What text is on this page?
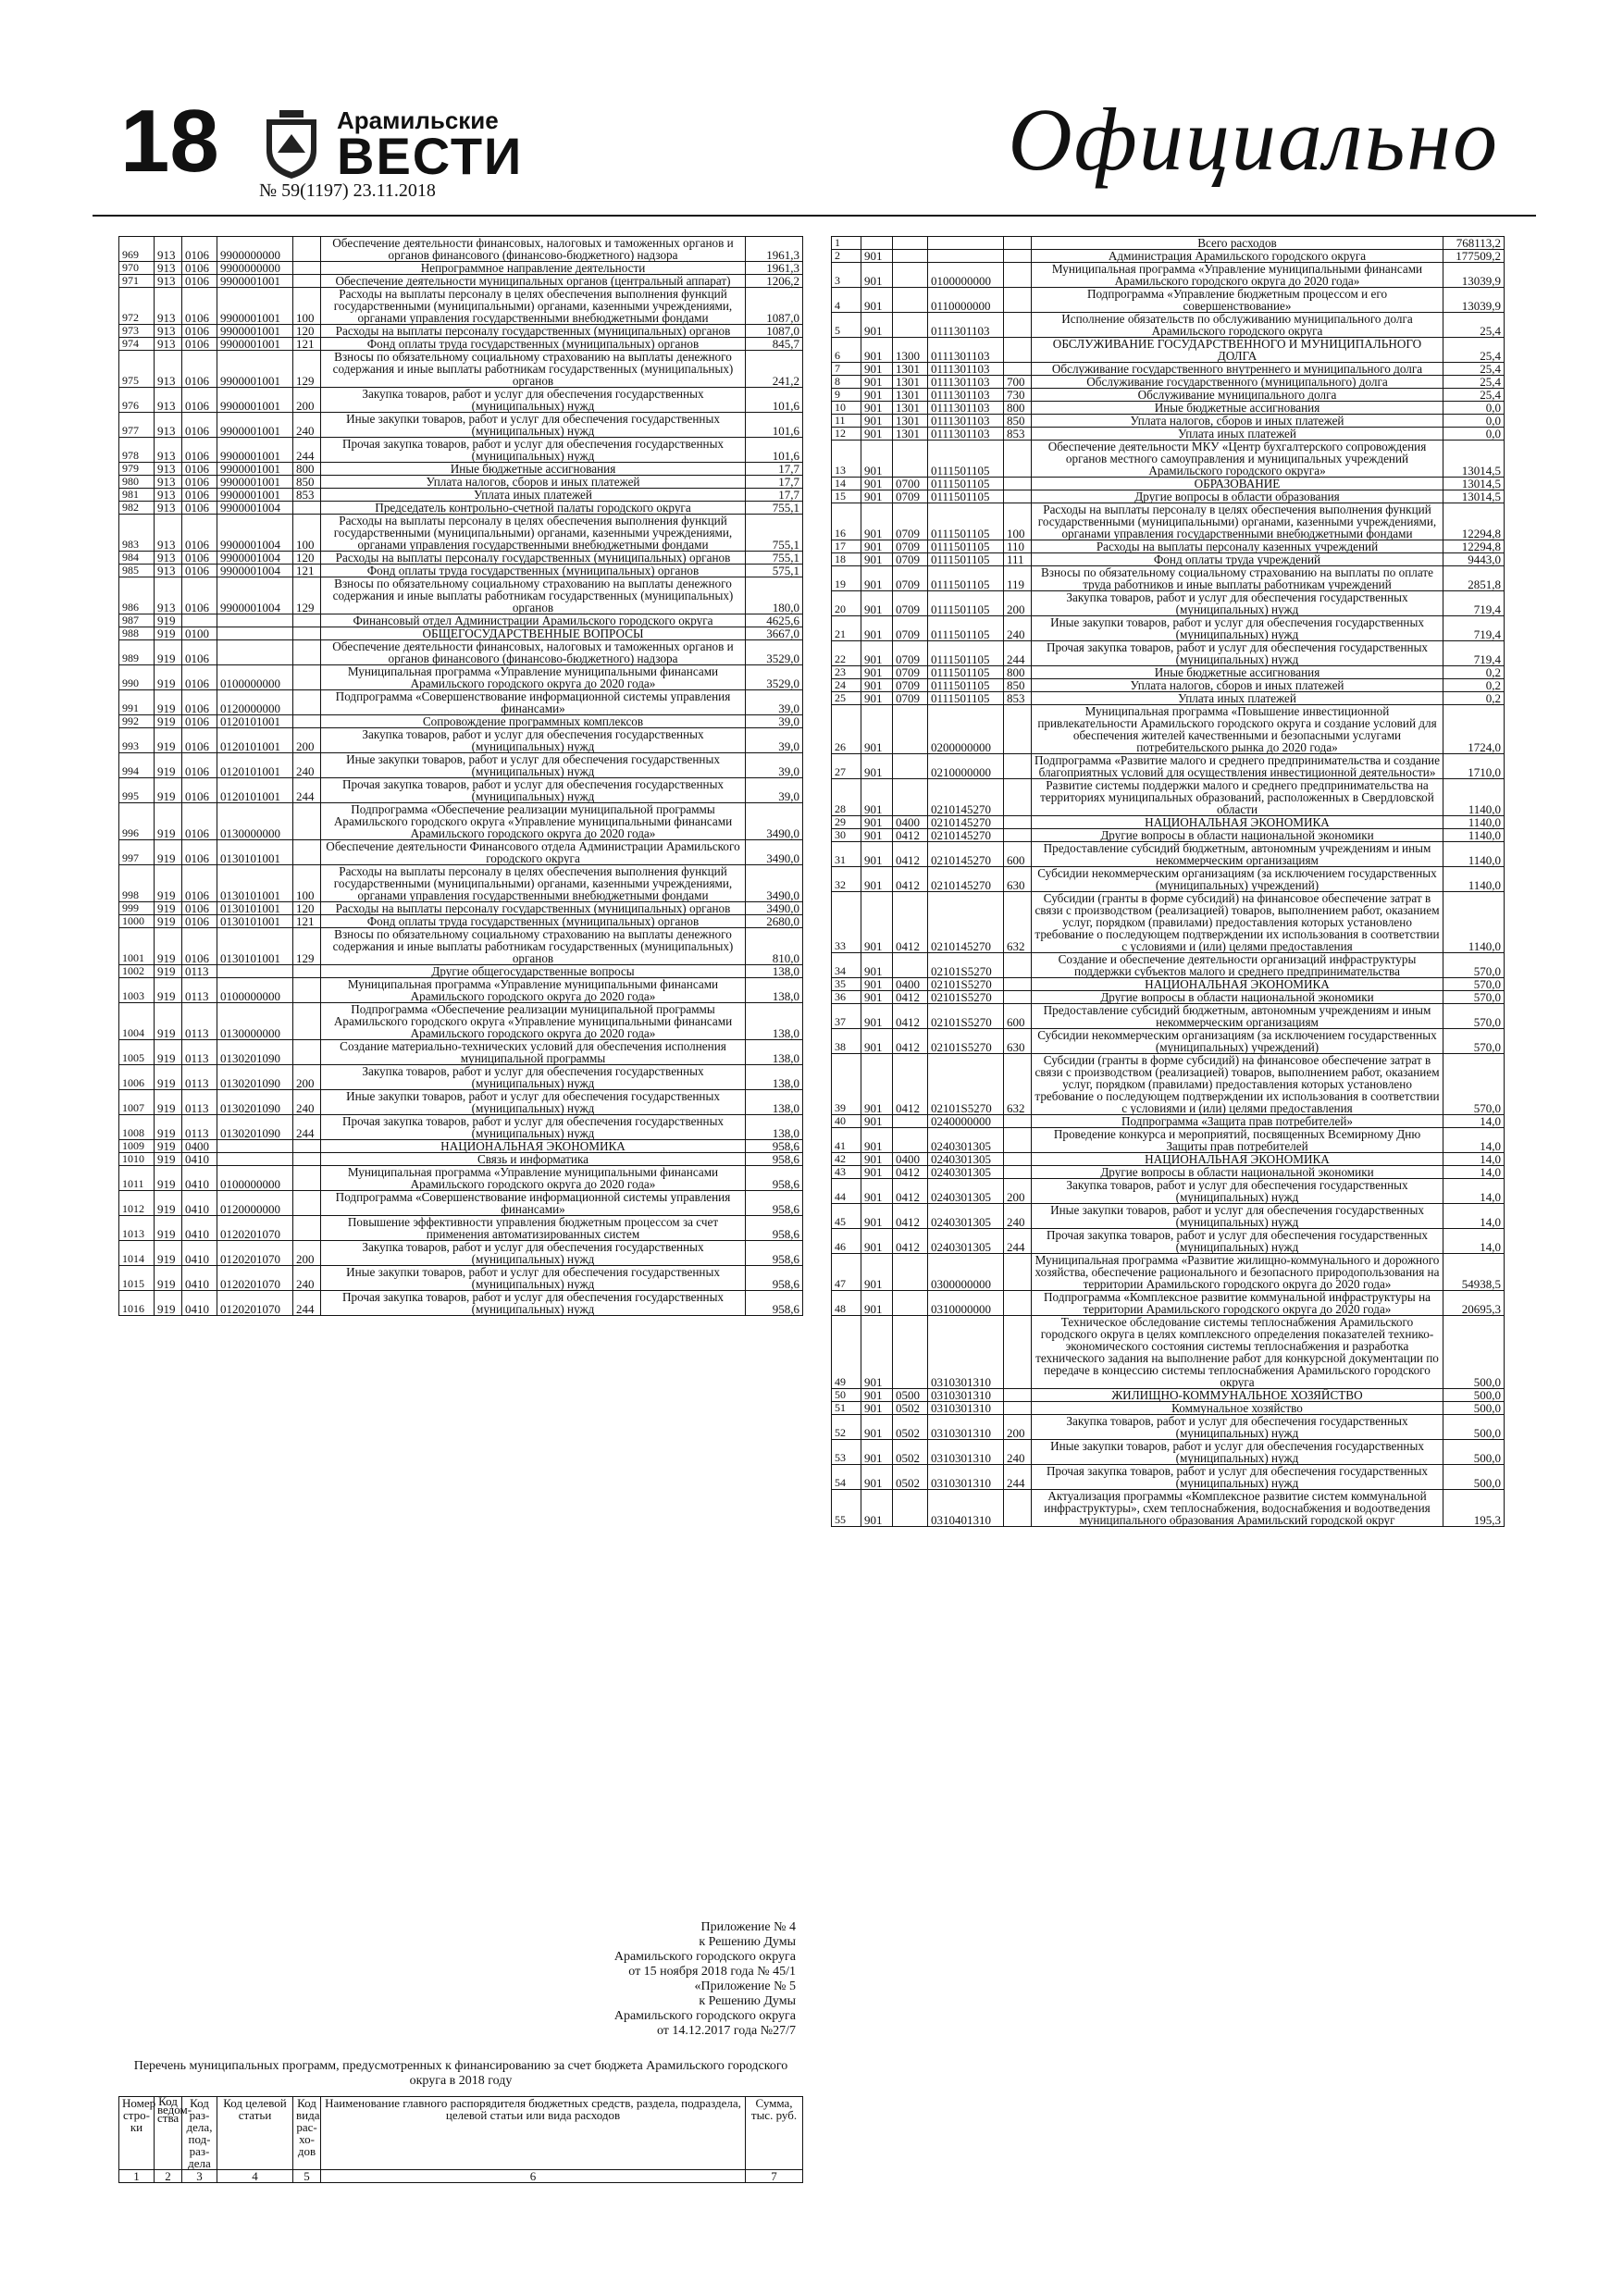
18	Арамильские
ВЕСТИ
№ 59(1197) 23.11.2018
Официально
969	913	0106	9900000000		Обеспечение деятельности финансовых, налоговых и таможенных органов и органов финансового (финансово-бюджетного) надзора	1961,3
970	913	0106	9900000000		Непрограммное направление деятельности	1961,3
971	913	0106	9900001001		Обеспечение деятельности муниципальных органов (центральный аппарат)	1206,2
972	913	0106	9900001001	100	Расходы на выплаты персоналу в целях обеспечения выполнения функций государственными (муниципальными) органами, казенными учреждениями, органами управления государственными внебюджетными фондами	1087,0
973	913	0106	9900001001	120	Расходы на выплаты персоналу государственных (муниципальных) органов	1087,0
974	913	0106	9900001001	121	Фонд оплаты труда государственных (муниципальных) органов	845,7
975	913	0106	9900001001	129	Взносы по обязательному социальному страхованию на выплаты денежного содержания и иные выплаты работникам государственных (муниципальных) органов	241,2
976	913	0106	9900001001	200	Закупка товаров, работ и услуг для обеспечения государственных (муниципальных) нужд	101,6
977	913	0106	9900001001	240	Иные закупки товаров, работ и услуг для обеспечения государственных (муниципальных) нужд	101,6
978	913	0106	9900001001	244	Прочая закупка товаров, работ и услуг для обеспечения государственных (муниципальных) нужд	101,6
979	913	0106	9900001001	800	Иные бюджетные ассигнования	17,7
980	913	0106	9900001001	850	Уплата налогов, сборов и иных платежей	17,7
981	913	0106	9900001001	853	Уплата иных платежей	17,7
982	913	0106	9900001004		Председатель контрольно-счетной палаты городского округа	755,1
983	913	0106	9900001004	100	Расходы на выплаты персоналу в целях обеспечения выполнения функций государственными (муниципальными) органами, казенными учреждениями, органами управления государственными внебюджетными фондами	755,1
984	913	0106	9900001004	120	Расходы на выплаты персоналу государственных (муниципальных) органов	755,1
985	913	0106	9900001004	121	Фонд оплаты труда государственных (муниципальных) органов	575,1
986	913	0106	9900001004	129	Взносы по обязательному социальному страхованию на выплаты денежного содержания и иные выплаты работникам государственных (муниципальных) органов	180,0
987	919				Финансовый отдел Администрации Арамильского городского округа	4625,6
988	919	0100			ОБЩЕГОСУДАРСТВЕННЫЕ ВОПРОСЫ	3667,0
989	919	0106			Обеспечение деятельности финансовых, налоговых и таможенных органов и органов финансового (финансово-бюджетного) надзора	3529,0
990	919	0106	0100000000		Муниципальная программа «Управление муниципальными финансами Арамильского городского округа до 2020 года»	3529,0
991	919	0106	0120000000		Подпрограмма «Совершенствование информационной системы управления финансами»	39,0
992	919	0106	0120101001		Сопровождение программных комплексов	39,0
993	919	0106	0120101001	200	Закупка товаров, работ и услуг для обеспечения государственных (муниципальных) нужд	39,0
994	919	0106	0120101001	240	Иные закупки товаров, работ и услуг для обеспечения государственных (муниципальных) нужд	39,0
995	919	0106	0120101001	244	Прочая закупка товаров, работ и услуг для обеспечения государственных (муниципальных) нужд	39,0
996	919	0106	0130000000		Подпрограмма «Обеспечение реализации муниципальной программы Арамильского городского округа «Управление муниципальными финансами Арамильского городского округа до 2020 года»	3490,0
997	919	0106	0130101001		Обеспечение деятельности Финансового отдела Администрации Арамильского городского округа	3490,0
998	919	0106	0130101001	100	Расходы на выплаты персоналу в целях обеспечения выполнения функций государственными (муниципальными) органами, казенными учреждениями, органами управления государственными внебюджетными фондами	3490,0
999	919	0106	0130101001	120	Расходы на выплаты персоналу государственных (муниципальных) органов	3490,0
1000	919	0106	0130101001	121	Фонд оплаты труда государственных (муниципальных) органов	2680,0
1001	919	0106	0130101001	129	Взносы по обязательному социальному страхованию на выплаты денежного содержания и иные выплаты работникам государственных (муниципальных) органов	810,0
1002	919	0113			Другие общегосударственные вопросы	138,0
1003	919	0113	0100000000		Муниципальная программа «Управление муниципальными финансами Арамильского городского округа до 2020 года»	138,0
1004	919	0113	0130000000		Подпрограмма «Обеспечение реализации муниципальной программы Арамильского городского округа «Управление муниципальными финансами Арамильского городского округа до 2020 года»	138,0
1005	919	0113	0130201090		Создание материально-технических условий для обеспечения исполнения муниципальной программы	138,0
1006	919	0113	0130201090	200	Закупка товаров, работ и услуг для обеспечения государственных (муниципальных) нужд	138,0
1007	919	0113	0130201090	240	Иные закупки товаров, работ и услуг для обеспечения государственных (муниципальных) нужд	138,0
1008	919	0113	0130201090	244	Прочая закупка товаров, работ и услуг для обеспечения государственных (муниципальных) нужд	138,0
1009	919	0400			НАЦИОНАЛЬНАЯ ЭКОНОМИКА	958,6
1010	919	0410			Связь и информатика	958,6
1011	919	0410	0100000000		Муниципальная программа «Управление муниципальными финансами Арамильского городского округа до 2020 года»	958,6
1012	919	0410	0120000000		Подпрограмма «Совершенствование информационной системы управления финансами»	958,6
1013	919	0410	0120201070		Повышение эффективности управления бюджетным процессом за счет применения автоматизированных систем	958,6
1014	919	0410	0120201070	200	Закупка товаров, работ и услуг для обеспечения государственных (муниципальных) нужд	958,6
1015	919	0410	0120201070	240	Иные закупки товаров, работ и услуг для обеспечения государственных (муниципальных) нужд	958,6
1016	919	0410	0120201070	244	Прочая закупка товаров, работ и услуг для обеспечения государственных (муниципальных) нужд	958,6
Приложение № 4
к Решению Думы
Арамильского городского округа
от 15 ноября 2018 года № 45/1
«Приложение № 5
к Решению Думы
Арамильского городского округа
от 14.12.2017 года №27/7
Перечень муниципальных программ, предусмотренных к финансированию за счет бюджета Арамильского городского округа в 2018 году
Номер стро-ки	Код ведом-ства	Код раз-дела, под-раз-дела	Код целевой статьи	Код вида рас-хо-дов	Наименование главного распорядителя бюджетных средств, раздела, подраздела, целевой статьи или вида расходов	Сумма, тыс. руб.
1	2	3	4	5	6	7
1					Всего расходов	768113,2
2	901				Администрация Арамильского городского округа	177509,2
3	901		0100000000		Муниципальная программа «Управление муниципальными финансами Арамильского городского округа до 2020 года»	13039,9
4	901		0110000000		Подпрограмма «Управление бюджетным процессом и его совершенствование»	13039,9
5	901		0111301103		Исполнение обязательств по обслуживанию муниципального долга Арамильского городского округа	25,4
6	901	1300	0111301103		ОБСЛУЖИВАНИЕ ГОСУДАРСТВЕННОГО И МУНИЦИПАЛЬНОГО ДОЛГА	25,4
7	901	1301	0111301103		Обслуживание государственного внутреннего и муниципального долга	25,4
8	901	1301	0111301103	700	Обслуживание государственного (муниципального) долга	25,4
9	901	1301	0111301103	730	Обслуживание муниципального долга	25,4
10	901	1301	0111301103	800	Иные бюджетные ассигнования	0,0
11	901	1301	0111301103	850	Уплата налогов, сборов и иных платежей	0,0
12	901	1301	0111301103	853	Уплата иных платежей	0,0
13	901		0111501105		Обеспечение деятельности МКУ «Центр бухгалтерского сопровождения органов местного самоуправления и муниципальных учреждений Арамильского городского округа»	13014,5
14	901	0700	0111501105		ОБРАЗОВАНИЕ	13014,5
15	901	0709	0111501105		Другие вопросы в области образования	13014,5
16	901	0709	0111501105	100	Расходы на выплаты персоналу в целях обеспечения выполнения функций государственными (муниципальными) органами, казенными учреждениями, органами управления государственными внебюджетными фондами	12294,8
17	901	0709	0111501105	110	Расходы на выплаты персоналу казенных учреждений	12294,8
18	901	0709	0111501105	111	Фонд оплаты труда учреждений	9443,0
19	901	0709	0111501105	119	Взносы по обязательному социальному страхованию на выплаты по оплате труда работников и иные выплаты работникам учреждений	2851,8
20	901	0709	0111501105	200	Закупка товаров, работ и услуг для обеспечения государственных (муниципальных) нужд	719,4
21	901	0709	0111501105	240	Иные закупки товаров, работ и услуг для обеспечения государственных (муниципальных) нужд	719,4
22	901	0709	0111501105	244	Прочая закупка товаров, работ и услуг для обеспечения государственных (муниципальных) нужд	719,4
23	901	0709	0111501105	800	Иные бюджетные ассигнования	0,2
24	901	0709	0111501105	850	Уплата налогов, сборов и иных платежей	0,2
25	901	0709	0111501105	853	Уплата иных платежей	0,2
26	901		0200000000		Муниципальная программа «Повышение инвестиционной привлекательности Арамильского городского округа и создание условий для обеспечения жителей качественными и безопасными услугами потребительского рынка до 2020 года»	1724,0
27	901		0210000000		Подпрограмма «Развитие малого и среднего предпринимательства и создание благоприятных условий для осуществления инвестиционной деятельности»	1710,0
28	901		0210145270		Развитие системы поддержки малого и среднего предпринимательства на территориях муниципальных образований, расположенных в Свердловской области	1140,0
29	901	0400	0210145270		НАЦИОНАЛЬНАЯ ЭКОНОМИКА	1140,0
30	901	0412	0210145270		Другие вопросы в области национальной экономики	1140,0
31	901	0412	0210145270	600	Предоставление субсидий бюджетным, автономным учреждениям и иным некоммерческим организациям	1140,0
32	901	0412	0210145270	630	Субсидии некоммерческим организациям (за исключением государственных (муниципальных) учреждений)	1140,0
33	901	0412	0210145270	632	Субсидии (гранты в форме субсидий) на финансовое обеспечение затрат в связи с производством (реализацией) товаров, выполнением работ, оказанием услуг, порядком (правилами) предоставления которых установлено требование о последующем подтверждении их использования в соответствии с условиями и (или) целями предоставления	1140,0
34	901		02101S5270		Создание и обеспечение деятельности организаций инфраструктуры поддержки субъектов малого и среднего предпринимательства	570,0
35	901	0400	02101S5270		НАЦИОНАЛЬНАЯ ЭКОНОМИКА	570,0
36	901	0412	02101S5270		Другие вопросы в области национальной экономики	570,0
37	901	0412	02101S5270	600	Предоставление субсидий бюджетным, автономным учреждениям и иным некоммерческим организациям	570,0
38	901	0412	02101S5270	630	Субсидии некоммерческим организациям (за исключением государственных (муниципальных) учреждений)	570,0
39	901	0412	02101S5270	632	Субсидии (гранты в форме субсидий) на финансовое обеспечение затрат в связи с производством (реализацией) товаров, выполнением работ, оказанием услуг, порядком (правилами) предоставления которых установлено требование о последующем подтверждении их использования в соответствии с условиями и (или) целями предоставления	570,0
40	901		0240000000		Подпрограмма «Защита прав потребителей»	14,0
41	901		0240301305		Проведение конкурса и мероприятий, посвященных Всемирному Дню Защиты прав потребителей	14,0
42	901	0400	0240301305		НАЦИОНАЛЬНАЯ ЭКОНОМИКА	14,0
43	901	0412	0240301305		Другие вопросы в области национальной экономики	14,0
44	901	0412	0240301305	200	Закупка товаров, работ и услуг для обеспечения государственных (муниципальных) нужд	14,0
45	901	0412	0240301305	240	Иные закупки товаров, работ и услуг для обеспечения государственных (муниципальных) нужд	14,0
46	901	0412	0240301305	244	Прочая закупка товаров, работ и услуг для обеспечения государственных (муниципальных) нужд	14,0
47	901		0300000000		Муниципальная программа «Развитие жилищно-коммунального и дорожного хозяйства, обеспечение рационального и безопасного природопользования на территории Арамильского городского округа до 2020 года»	54938,5
48	901		0310000000		Подпрограмма «Комплексное развитие коммунальной инфраструктуры на территории Арамильского городского округа до 2020 года»	20695,3
49	901		0310301310		Техническое обследование системы теплоснабжения Арамильского городского округа в целях комплексного определения показателей технико-экономического состояния системы теплоснабжения и разработка технического задания на выполнение работ для конкурсной документации по передаче в концессию системы теплоснабжения Арамильского городского округа	500,0
50	901	0500	0310301310		ЖИЛИЩНО-КОММУНАЛЬНОЕ ХОЗЯЙСТВО	500,0
51	901	0502	0310301310		Коммунальное хозяйство	500,0
52	901	0502	0310301310	200	Закупка товаров, работ и услуг для обеспечения государственных (муниципальных) нужд	500,0
53	901	0502	0310301310	240	Иные закупки товаров, работ и услуг для обеспечения государственных (муниципальных) нужд	500,0
54	901	0502	0310301310	244	Прочая закупка товаров, работ и услуг для обеспечения государственных (муниципальных) нужд	500,0
55	901		0310401310		Актуализация программы «Комплексное развитие систем коммунальной инфраструктуры», схем теплоснабжения, водоснабжения и водоотведения муниципального образования Арамильский городской округ	195,3
